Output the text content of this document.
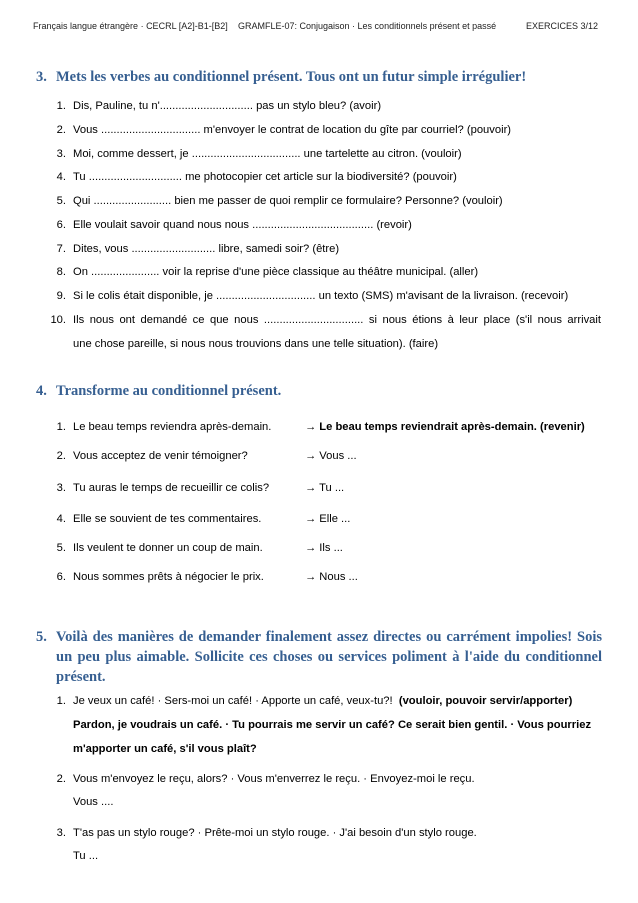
Français langue étrangère · CECRL [A2]-B1-[B2] GRAMFLE-07: Conjugaison · Les conditionnels présent et passé	EXERCICES 3/12
3. Mets les verbes au conditionnel présent. Tous ont un futur simple irrégulier!
1. Dis, Pauline, tu n'.............................. pas un stylo bleu? (avoir)
2. Vous ................................ m'envoyer le contrat de location du gîte par courriel? (pouvoir)
3. Moi, comme dessert, je ................................... une tartelette au citron. (vouloir)
4. Tu .............................. me photocopier cet article sur la biodiversité? (pouvoir)
5. Qui ......................... bien me passer de quoi remplir ce formulaire? Personne? (vouloir)
6. Elle voulait savoir quand nous nous ....................................... (revoir)
7. Dites, vous ........................... libre, samedi soir? (être)
8. On ...................... voir la reprise d'une pièce classique au théâtre municipal. (aller)
9. Si le colis était disponible, je ................................ un texto (SMS) m'avisant de la livraison. (recevoir)
10. Ils nous ont demandé ce que nous ................................ si nous étions à leur place (s'il nous arrivait
une chose pareille, si nous nous trouvions dans une telle situation). (faire)
4. Transforme au conditionnel présent.
1. Le beau temps reviendra après-demain.	→ Le beau temps reviendrait après-demain. (revenir)
2. Vous acceptez de venir témoigner?	→ Vous ...
3. Tu auras le temps de recueillir ce colis?	→ Tu ...
4. Elle se souvient de tes commentaires.	→ Elle ...
5. Ils veulent te donner un coup de main.	→ Ils ...
6. Nous sommes prêts à négocier le prix.	→ Nous ...
5. Voilà des manières de demander finalement assez directes ou carrément impolies! Sois un peu plus aimable. Sollicite ces choses ou services poliment à l'aide du conditionnel présent.
1. Je veux un café! · Sers-moi un café! · Apporte un café, veux-tu?! (vouloir, pouvoir servir/apporter)
Pardon, je voudrais un café. · Tu pourrais me servir un café? Ce serait bien gentil. · Vous pourriez
m'apporter un café, s'il vous plaît?
2. Vous m'envoyez le reçu, alors? · Vous m'enverrez le reçu. · Envoyez-moi le reçu.
Vous ....
3. T'as pas un stylo rouge? · Prête-moi un stylo rouge. · J'ai besoin d'un stylo rouge.
Tu ...
